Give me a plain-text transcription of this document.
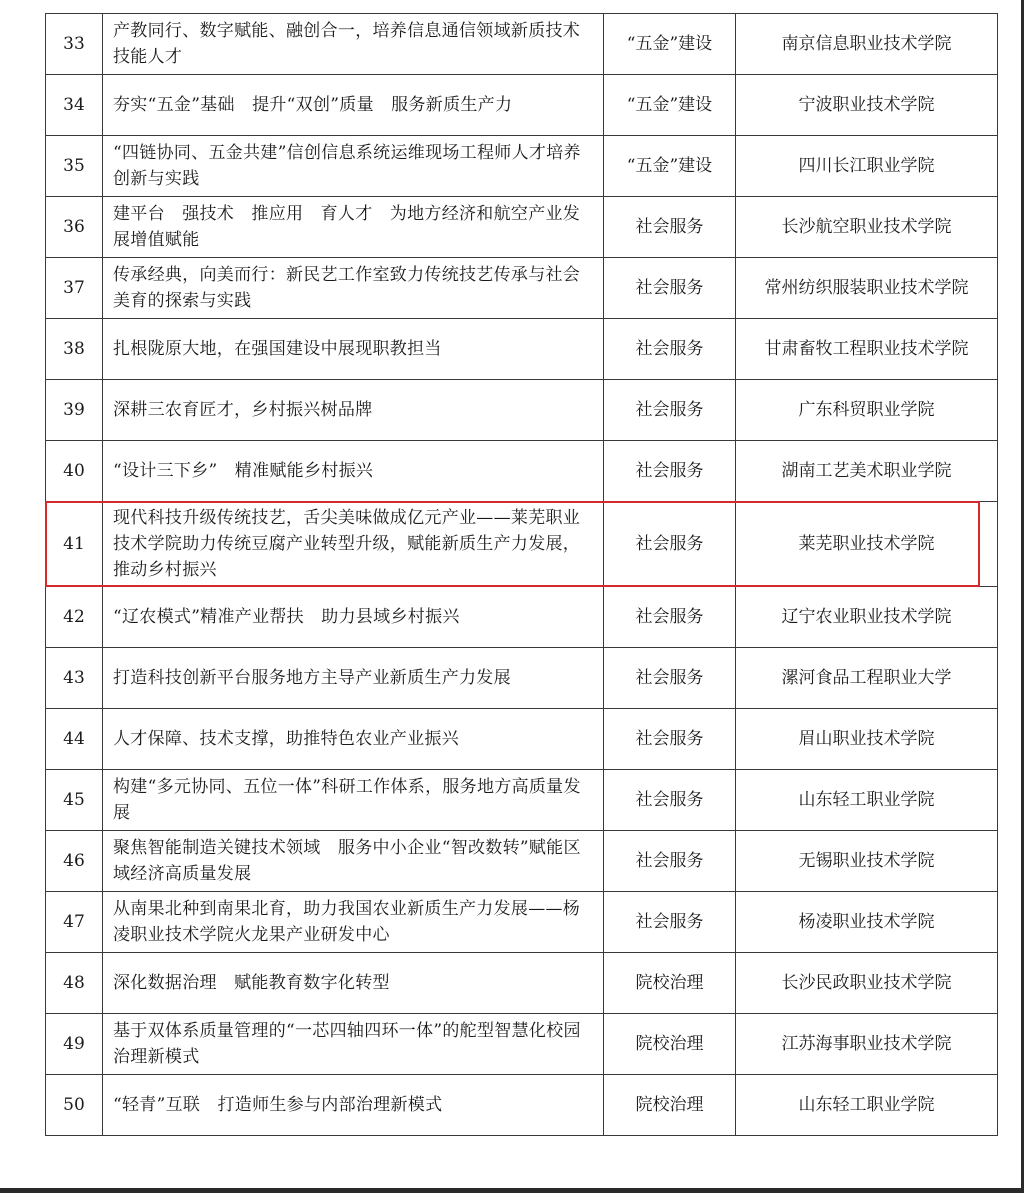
33	产教同行、数字赋能、融创合一，培养信息通信领域新质技术技能人才	“五金”建设	南京信息职业技术学院
34	夯实“五金”基础　提升“双创”质量　服务新质生产力	“五金”建设	宁波职业技术学院
35	“四链协同、五金共建”信创信息系统运维现场工程师人才培养创新与实践	“五金”建设	四川长江职业学院
36	建平台　强技术　推应用　育人才　为地方经济和航空产业发展增值赋能	社会服务	长沙航空职业技术学院
37	传承经典，向美而行：新民艺工作室致力传统技艺传承与社会美育的探索与实践	社会服务	常州纺织服装职业技术学院
38	扎根陇原大地，在强国建设中展现职教担当	社会服务	甘肃畜牧工程职业技术学院
39	深耕三农育匠才，乡村振兴树品牌	社会服务	广东科贸职业学院
40	“设计三下乡”　精准赋能乡村振兴	社会服务	湖南工艺美术职业学院
41	现代科技升级传统技艺，舌尖美味做成亿元产业——莱芜职业技术学院助力传统豆腐产业转型升级，赋能新质生产力发展，推动乡村振兴	社会服务	莱芜职业技术学院
42	“辽农模式”精准产业帮扶　助力县域乡村振兴	社会服务	辽宁农业职业技术学院
43	打造科技创新平台服务地方主导产业新质生产力发展	社会服务	漯河食品工程职业大学
44	人才保障、技术支撑，助推特色农业产业振兴	社会服务	眉山职业技术学院
45	构建“多元协同、五位一体”科研工作体系，服务地方高质量发展	社会服务	山东轻工职业学院
46	聚焦智能制造关键技术领域　服务中小企业“智改数转”赋能区域经济高质量发展	社会服务	无锡职业技术学院
47	从南果北种到南果北育，助力我国农业新质生产力发展——杨凌职业技术学院火龙果产业研发中心	社会服务	杨凌职业技术学院
48	深化数据治理　赋能教育数字化转型	院校治理	长沙民政职业技术学院
49	基于双体系质量管理的“一芯四轴四环一体”的舵型智慧化校园治理新模式	院校治理	江苏海事职业技术学院
50	“轻青”互联　打造师生参与内部治理新模式	院校治理	山东轻工职业学院
